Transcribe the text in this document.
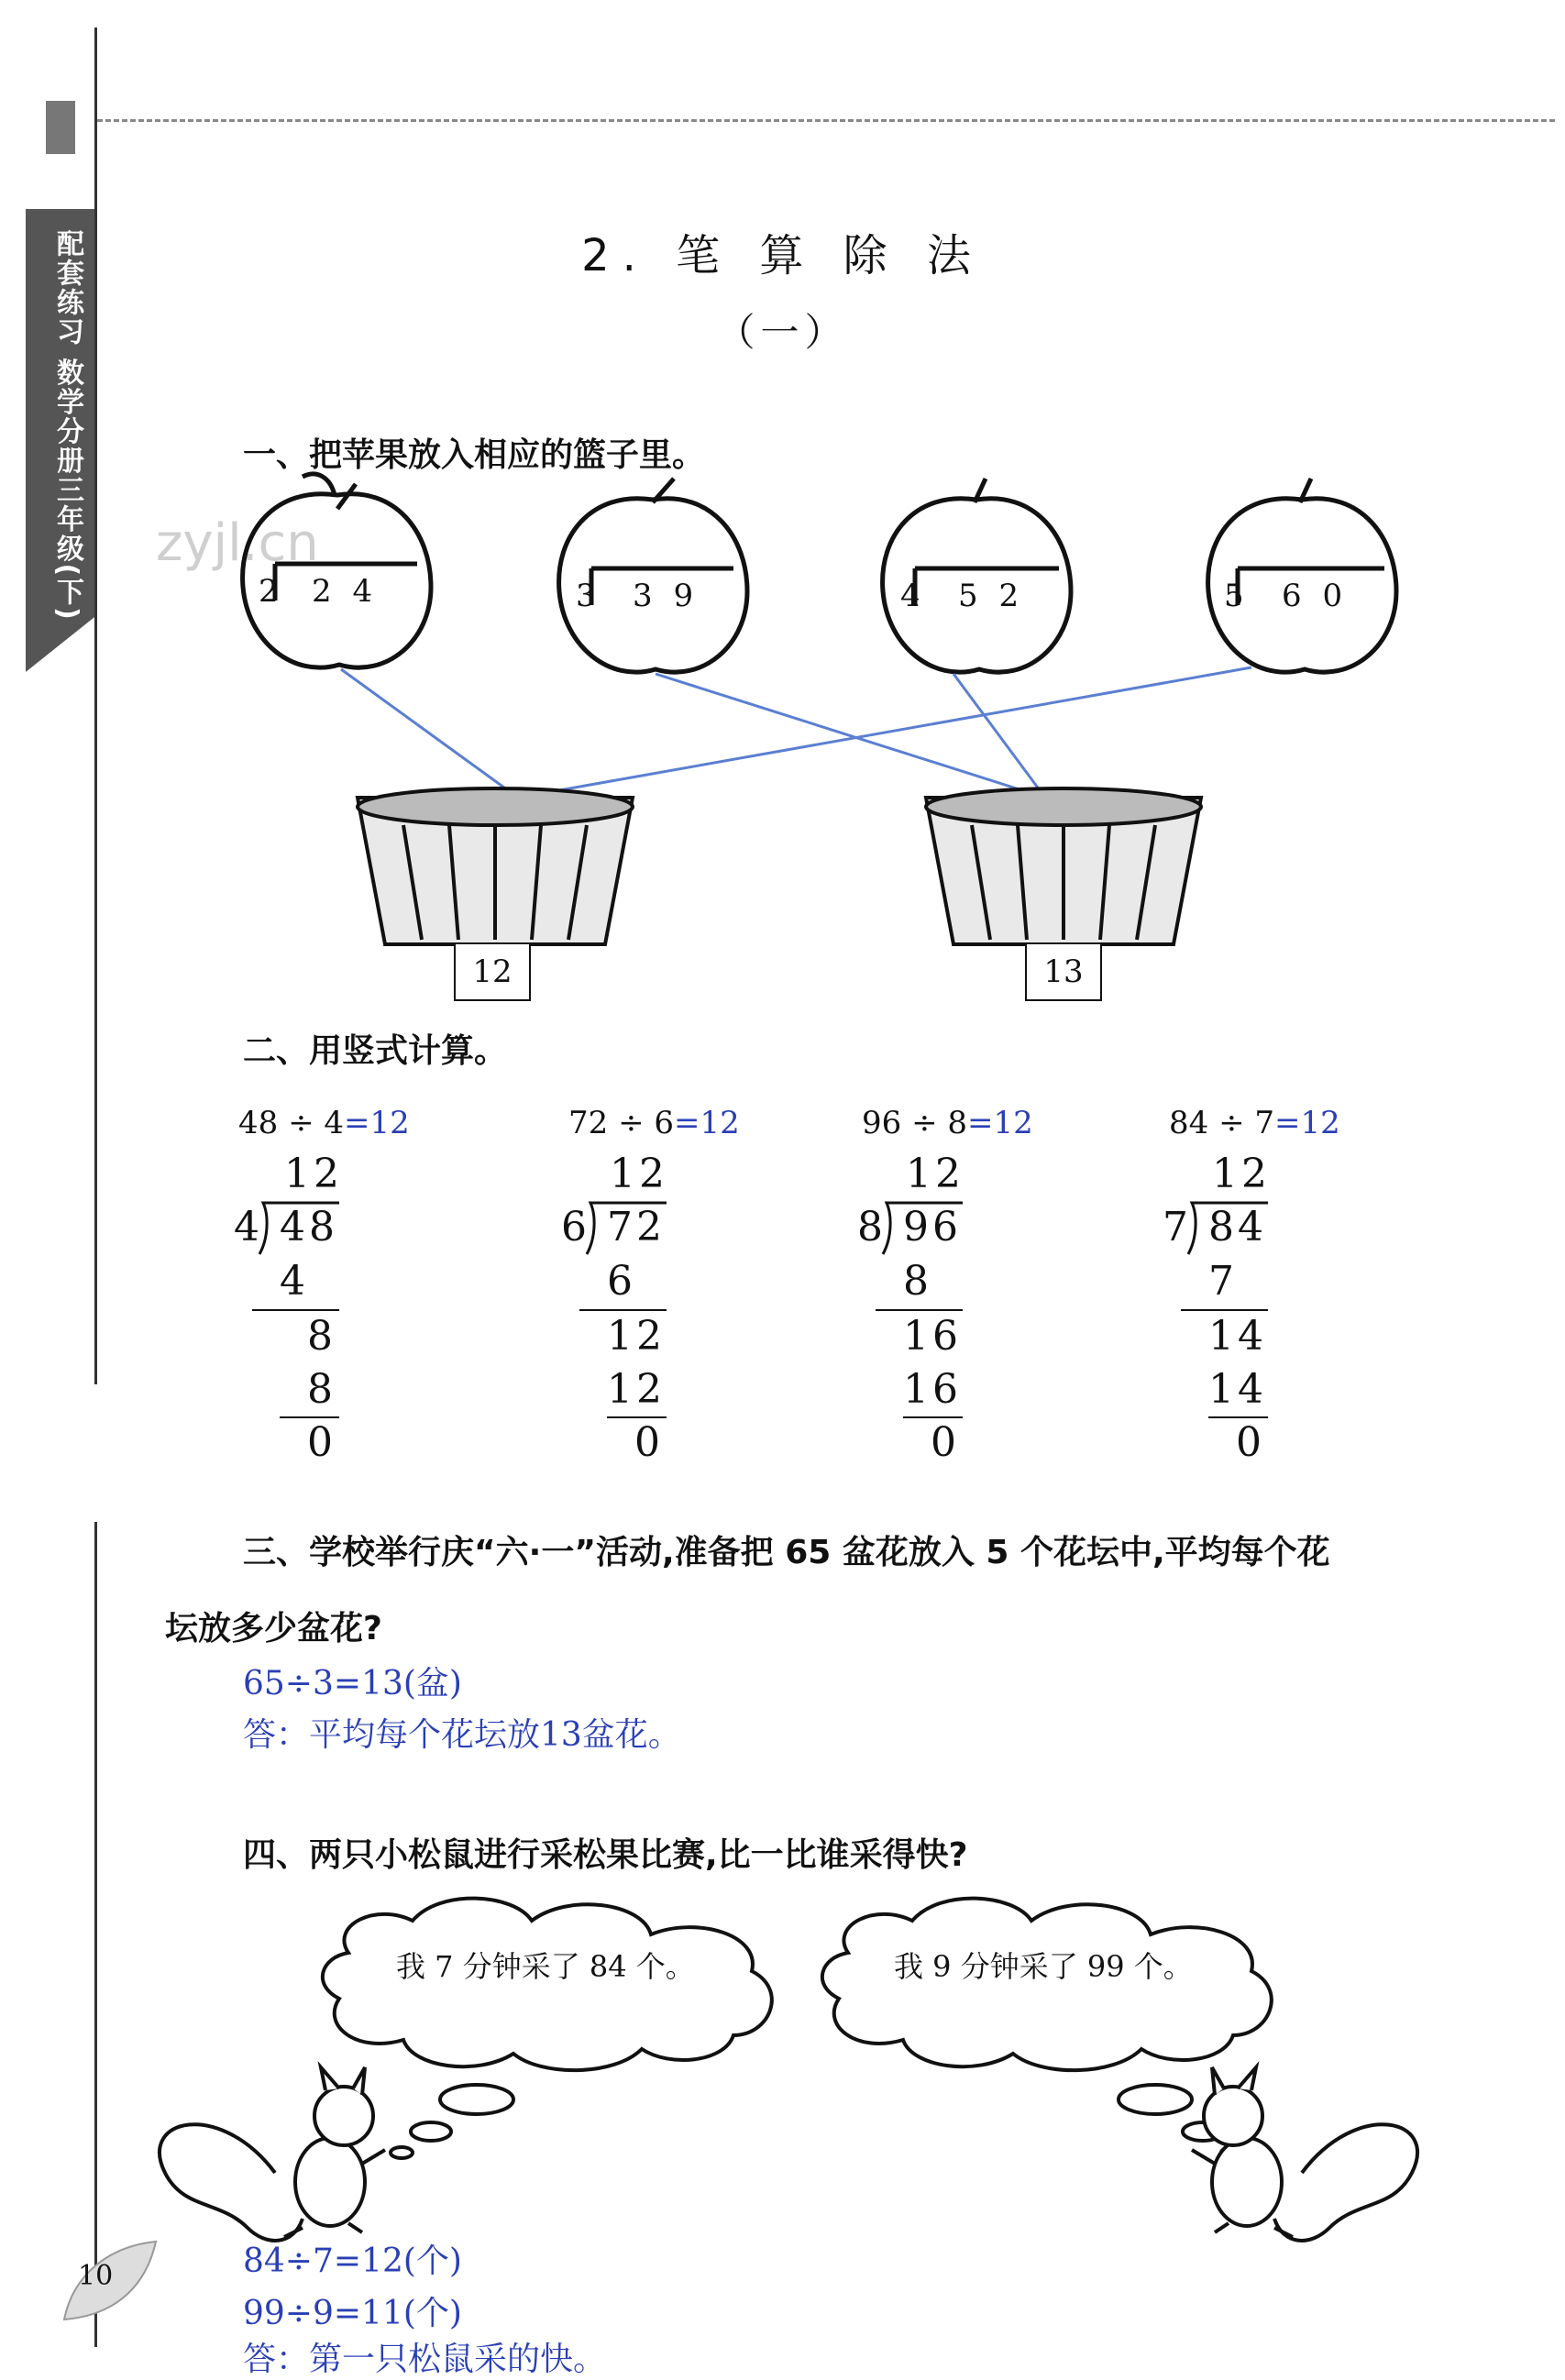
配套练习 数学分册三年级(下) zyjl.cn
2. 笔 算 除 法
（一）
一、把苹果放入相应的篮子里。
2 2 4	3 3 9	4 5 2	5 6 0
12	13
二、用竖式计算。
48 ÷ 4=12
12
4 48
4
8
8
0
72 ÷ 6=12
12
6 72
6
12
12
0
96 ÷ 8=12
12
8 96
8
16
16
0
84 ÷ 7=12
12
7 84
7
14
14
0
三、学校举行庆“六·一”活动,准备把 65 盆花放入 5 个花坛中,平均每个花
坛放多少盆花?
65÷3=13(盆)
答：平均每个花坛放13盆花。
四、两只小松鼠进行采松果比赛,比一比谁采得快?
我 7 分钟采了 84 个。	我 9 分钟采了 99 个。
84÷7=12(个)
99÷9=11(个)
答：第一只松鼠采的快。
10
